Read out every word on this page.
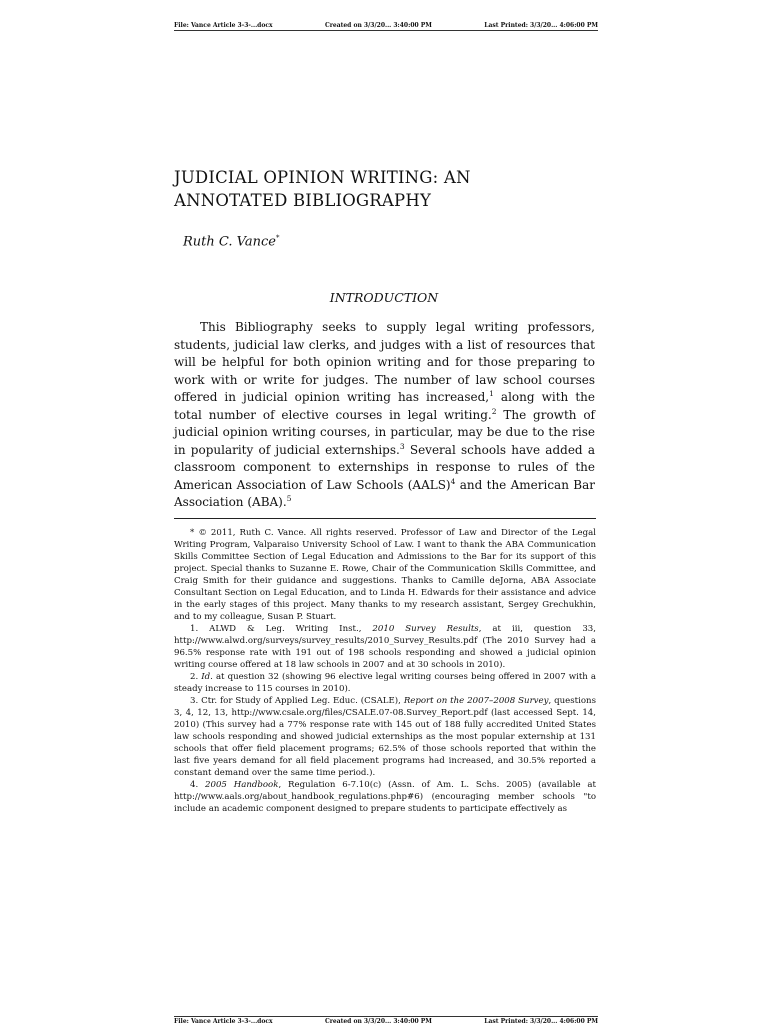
File: Vance Article 3-3-...docx	Created on 3/3/20... 3:40:00 PM	Last Printed: 3/3/20... 4:06:00 PM
JUDICIAL OPINION WRITING: AN
ANNOTATED BIBLIOGRAPHY
Ruth C. Vance*
INTRODUCTION

This Bibliography seeks to supply legal writing professors, students, judicial law clerks, and judges with a list of resources that will be helpful for both opinion writing and for those preparing to work with or write for judges. The number of law school courses offered in judicial opinion writing has increased,$^1$ along with the total number of elective courses in legal writing.$^2$ The growth of judicial opinion writing courses, in particular, may be due to the rise in popularity of judicial externships.$^3$ Several schools have added a classroom component to externships in response to rules of the American Association of Law Schools (AALS)$^4$ and the American Bar Association (ABA).$^5$

* © 2011, Ruth C. Vance. All rights reserved. Professor of Law and Director of the Legal Writing Program, Valparaiso University School of Law. I want to thank the ABA Communication Skills Committee Section of Legal Education and Admissions to the Bar for its support of this project. Special thanks to Suzanne E. Rowe, Chair of the Communication Skills Committee, and Craig Smith for their guidance and suggestions. Thanks to Camille deJorna, ABA Associate Consultant Section on Legal Education, and to Linda H. Edwards for their assistance and advice in the early stages of this project. Many thanks to my research assistant, Sergey Grechukhin, and to my colleague, Susan P. Stuart.

1. ALWD & Leg. Writing Inst., 2010 Survey Results, at iii, question 33, http://www.alwd.org/surveys/survey_results/2010_Survey_Results.pdf (The 2010 Survey had a 96.5% response rate with 191 out of 198 schools responding and showed a judicial opinion writing course offered at 18 law schools in 2007 and at 30 schools in 2010).

2. Id. at question 32 (showing 96 elective legal writing courses being offered in 2007 with a steady increase to 115 courses in 2010).

3. Ctr. for Study of Applied Leg. Educ. (CSALE), Report on the 2007–2008 Survey, questions 3, 4, 12, 13, http://www.csale.org/files/CSALE.07-08.Survey_Report.pdf (last accessed Sept. 14, 2010) (This survey had a 77% response rate with 145 out of 188 fully accredited United States law schools responding and showed judicial externships as the most popular externship at 131 schools that offer field placement programs; 62.5% of those schools reported that within the last five years demand for all field placement programs had increased, and 30.5% reported a constant demand over the same time period.).

4. 2005 Handbook, Regulation 6-7.10(c) (Assn. of Am. L. Schs. 2005) (available at http://www.aals.org/about_handbook_regulations.php#6) (encouraging member schools "to include an academic component designed to prepare students to participate effectively as

File: Vance Article 3-3-...docx	Created on 3/3/20... 3:40:00 PM	Last Printed: 3/3/20... 4:06:00 PM
